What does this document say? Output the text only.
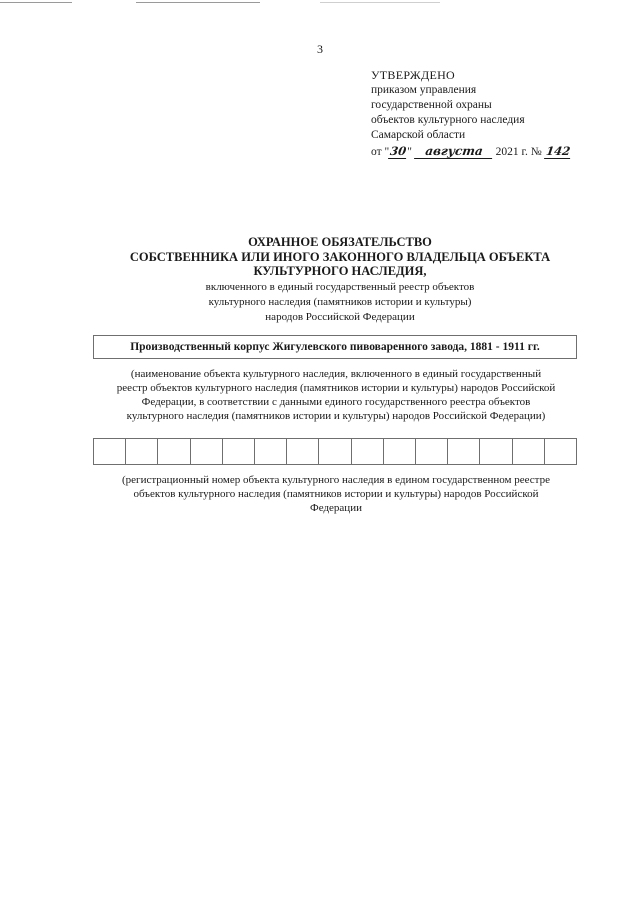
3
УТВЕРЖДЕНО
приказом управления
государственной охраны
объектов культурного наследия
Самарской области
от "30" августа 2021 г. № 142
ОХРАННОЕ ОБЯЗАТЕЛЬСТВО
СОБСТВЕННИКА ИЛИ ИНОГО ЗАКОННОГО ВЛАДЕЛЬЦА ОБЪЕКТА
КУЛЬТУРНОГО НАСЛЕДИЯ,
включенного в единый государственный реестр объектов
культурного наследия (памятников истории и культуры)
народов Российской Федерации
Производственный корпус Жигулевского пивоваренного завода, 1881 - 1911 гг.
(наименование объекта культурного наследия, включенного в единый государственный
реестр объектов культурного наследия (памятников истории и культуры) народов Российской
Федерации, в соответствии с данными единого государственного реестра объектов
культурного наследия (памятников истории и культуры) народов Российской Федерации)
(регистрационный номер объекта культурного наследия в едином государственном реестре
объектов культурного наследия (памятников истории и культуры) народов Российской
Федерации
